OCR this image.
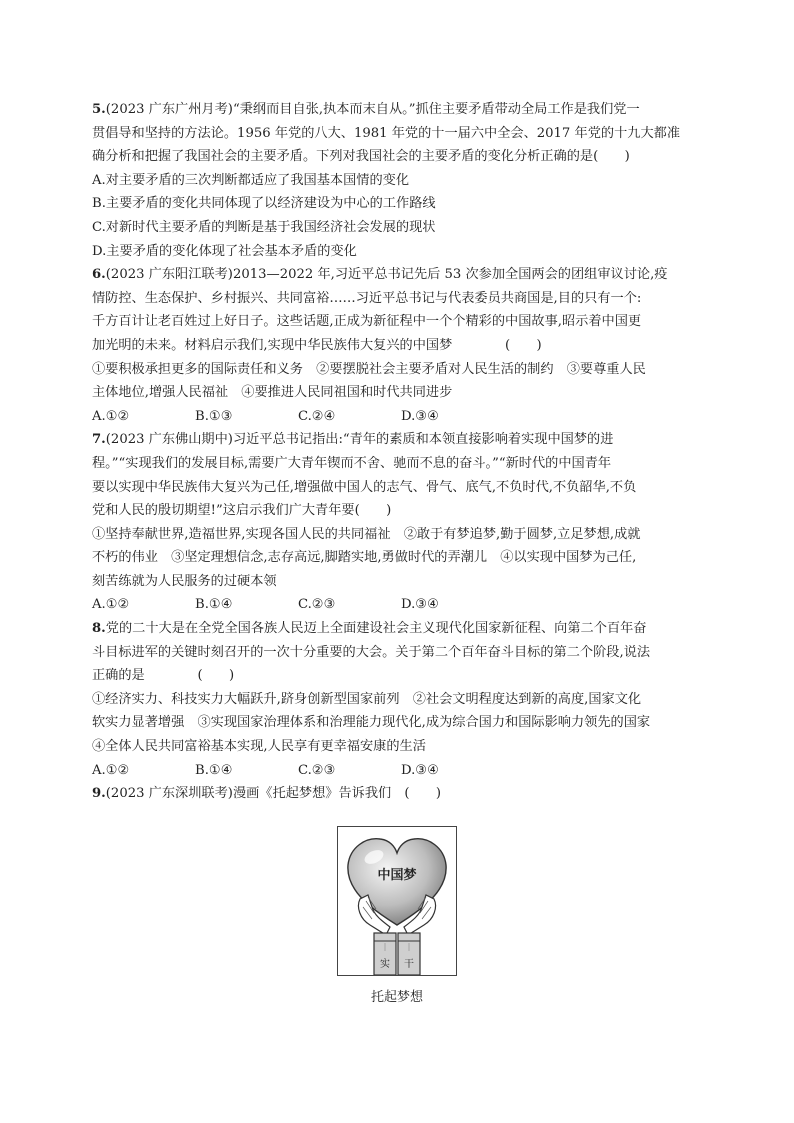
5.(2023 广东广州月考)“秉纲而目自张,执本而末自从。”抓住主要矛盾带动全局工作是我们党一
贯倡导和坚持的方法论。1956 年党的八大、1981 年党的十一届六中全会、2017 年党的十九大都准
确分析和把握了我国社会的主要矛盾。下列对我国社会的主要矛盾的变化分析正确的是(　　)
A.对主要矛盾的三次判断都适应了我国基本国情的变化
B.主要矛盾的变化共同体现了以经济建设为中心的工作路线
C.对新时代主要矛盾的判断是基于我国经济社会发展的现状
D.主要矛盾的变化体现了社会基本矛盾的变化
6.(2023 广东阳江联考)2013—2022 年,习近平总书记先后 53 次参加全国两会的团组审议讨论,疫
情防控、生态保护、乡村振兴、共同富裕……习近平总书记与代表委员共商国是,目的只有一个:
千方百计让老百姓过上好日子。这些话题,正成为新征程中一个个精彩的中国故事,昭示着中国更
加光明的未来。材料启示我们,实现中华民族伟大复兴的中国梦　　　　(　　)
①要积极承担更多的国际责任和义务　②要摆脱社会主要矛盾对人民生活的制约　③要尊重人民
主体地位,增强人民福祉　④要推进人民同祖国和时代共同进步
A.①②	B.①③	C.②④	D.③④
7.(2023 广东佛山期中)习近平总书记指出:“青年的素质和本领直接影响着实现中国梦的进
程。”“实现我们的发展目标,需要广大青年锲而不舍、驰而不息的奋斗。”“新时代的中国青年
要以实现中华民族伟大复兴为己任,增强做中国人的志气、骨气、底气,不负时代,不负韶华,不负
党和人民的殷切期望!”这启示我们广大青年要(　　)
①坚持奉献世界,造福世界,实现各国人民的共同福祉　②敢于有梦追梦,勤于圆梦,立足梦想,成就
不朽的伟业　③坚定理想信念,志存高远,脚踏实地,勇做时代的弄潮儿　④以实现中国梦为己任,
刻苦练就为人民服务的过硬本领
A.①②	B.①④	C.②③	D.③④
8.党的二十大是在全党全国各族人民迈上全面建设社会主义现代化国家新征程、向第二个百年奋
斗目标进军的关键时刻召开的一次十分重要的大会。关于第二个百年奋斗目标的第二个阶段,说法
正确的是　　　　(　　)
①经济实力、科技实力大幅跃升,跻身创新型国家前列　②社会文明程度达到新的高度,国家文化
软实力显著增强　③实现国家治理体系和治理能力现代化,成为综合国力和国际影响力领先的国家
④全体人民共同富裕基本实现,人民享有更幸福安康的生活
A.①②	B.①④	C.②③	D.③④
9.(2023 广东深圳联考)漫画《托起梦想》告诉我们　(　　)
中国梦
实 干
托起梦想
